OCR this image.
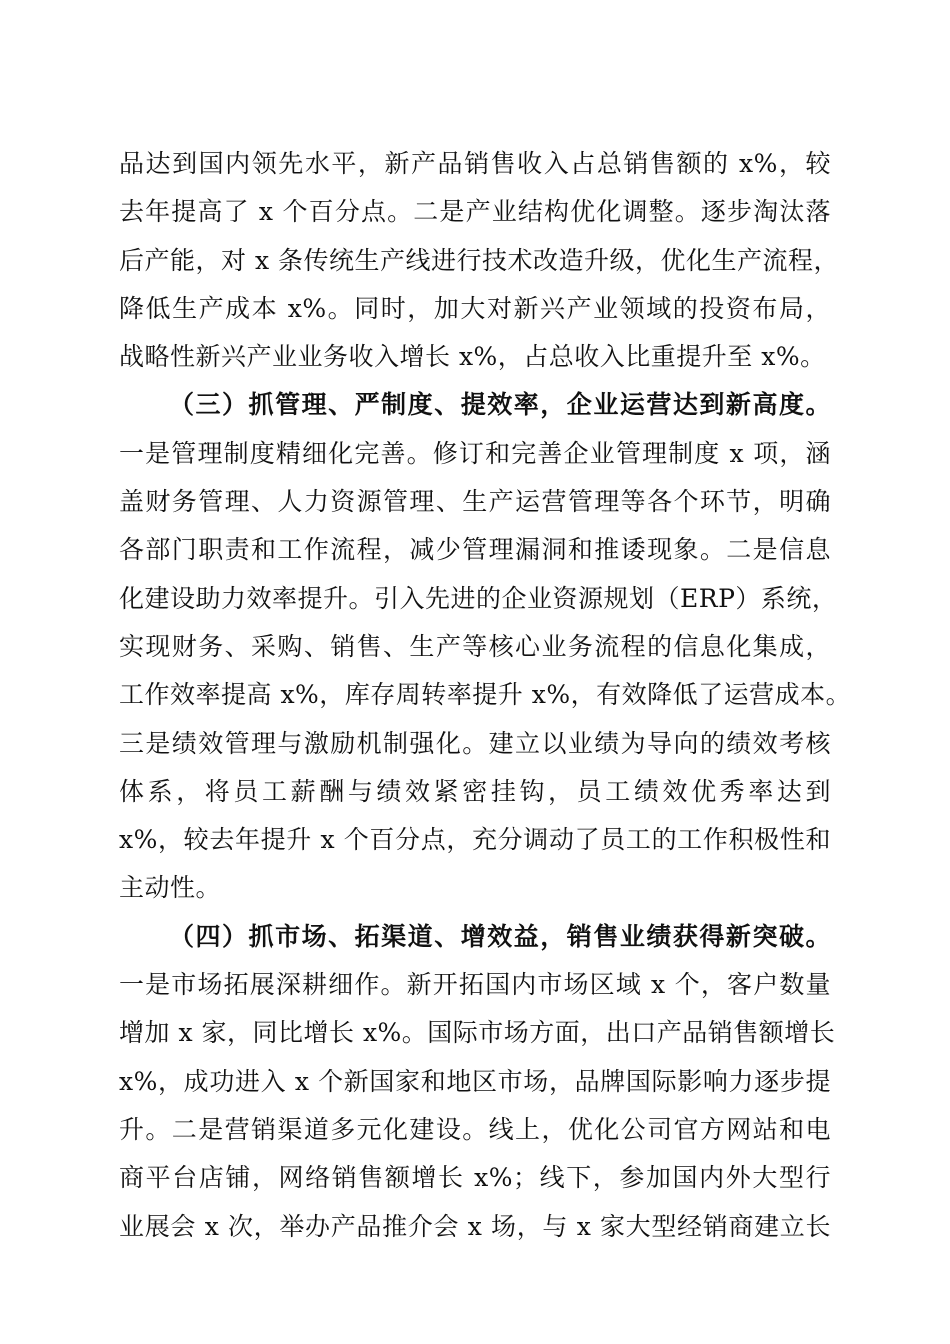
品达到国内领先水平，新产品销售收入占总销售额的 x%，较
去年提高了 x 个百分点。二是产业结构优化调整。逐步淘汰落
后产能，对 x 条传统生产线进行技术改造升级，优化生产流程，
降低生产成本 x%。同时，加大对新兴产业领域的投资布局，
战略性新兴产业业务收入增长 x%，占总收入比重提升至 x%。
（三）抓管理、严制度、提效率，企业运营达到新高度。
一是管理制度精细化完善。修订和完善企业管理制度 x 项，涵
盖财务管理、人力资源管理、生产运营管理等各个环节，明确
各部门职责和工作流程，减少管理漏洞和推诿现象。二是信息
化建设助力效率提升。引入先进的企业资源规划（ERP）系统，
实现财务、采购、销售、生产等核心业务流程的信息化集成，
工作效率提高 x%，库存周转率提升 x%，有效降低了运营成本。
三是绩效管理与激励机制强化。建立以业绩为导向的绩效考核
体系，将员工薪酬与绩效紧密挂钩，员工绩效优秀率达到
x%，较去年提升 x 个百分点，充分调动了员工的工作积极性和
主动性。
（四）抓市场、拓渠道、增效益，销售业绩获得新突破。
一是市场拓展深耕细作。新开拓国内市场区域 x 个，客户数量
增加 x 家，同比增长 x%。国际市场方面，出口产品销售额增长
x%，成功进入 x 个新国家和地区市场，品牌国际影响力逐步提
升。二是营销渠道多元化建设。线上，优化公司官方网站和电
商平台店铺，网络销售额增长 x%；线下，参加国内外大型行
业展会 x 次，举办产品推介会 x 场，与 x 家大型经销商建立长
